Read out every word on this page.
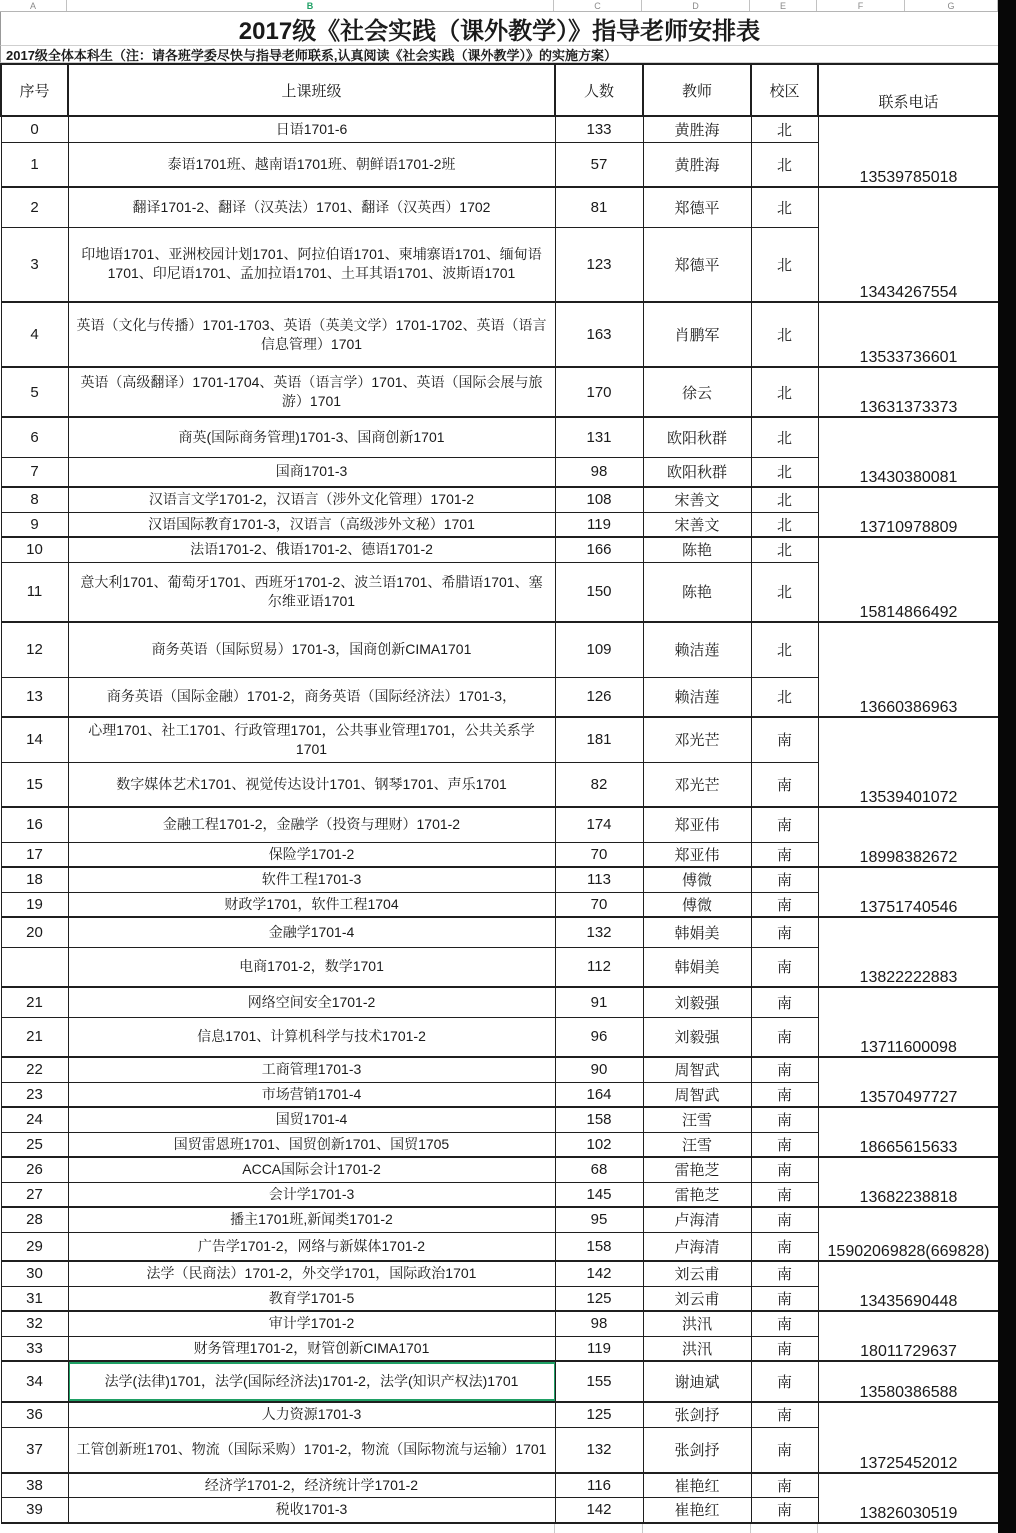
A	B	C	D	E	F	G
2017级《社会实践（课外教学）》指导老师安排表
2017级全体本科生（注：请各班学委尽快与指导老师联系,认真阅读《社会实践（课外教学）》的实施方案）
序号	上课班级	人数	教师	校区	联系电话
0	日语1701-6	133	黄胜海	北	13539785018
1	泰语1701班、越南语1701班、朝鲜语1701-2班	57	黄胜海	北	
2	翻译1701-2、翻译（汉英法）1701、翻译（汉英西）1702	81	郑德平	北	13434267554
3	印地语1701、亚洲校园计划1701、阿拉伯语1701、柬埔寨语1701、缅甸语1701、印尼语1701、孟加拉语1701、土耳其语1701、波斯语1701	123	郑德平	北	
4	英语（文化与传播）1701-1703、英语（英美文学）1701-1702、英语（语言信息管理）1701	163	肖鹏军	北	13533736601
5	英语（高级翻译）1701-1704、英语（语言学）1701、英语（国际会展与旅游）1701	170	徐云	北	13631373373
6	商英(国际商务管理)1701-3、国商创新1701	131	欧阳秋群	北	13430380081
7	国商1701-3	98	欧阳秋群	北	
8	汉语言文学1701-2，汉语言（涉外文化管理）1701-2	108	宋善文	北	13710978809
9	汉语国际教育1701-3，汉语言（高级涉外文秘）1701	119	宋善文	北	
10	法语1701-2、俄语1701-2、德语1701-2	166	陈艳	北	15814866492
11	意大利1701、葡萄牙1701、西班牙1701-2、波兰语1701、希腊语1701、塞尔维亚语1701	150	陈艳	北	
12	商务英语（国际贸易）1701-3，国商创新CIMA1701	109	赖洁莲	北	13660386963
13	商务英语（国际金融）1701-2，商务英语（国际经济法）1701-3，	126	赖洁莲	北	
14	心理1701、社工1701、行政管理1701，公共事业管理1701，公共关系学1701	181	邓光芒	南	13539401072
15	数字媒体艺术1701、视觉传达设计1701、钢琴1701、声乐1701	82	邓光芒	南	
16	金融工程1701-2，金融学（投资与理财）1701-2	174	郑亚伟	南	18998382672
17	保险学1701-2	70	郑亚伟	南	
18	软件工程1701-3	113	傅微	南	13751740546
19	财政学1701，软件工程1704	70	傅微	南	
20	金融学1701-4	132	韩娟美	南	13822222883
	电商1701-2，数学1701	112	韩娟美	南	
21	网络空间安全1701-2	91	刘毅强	南	13711600098
21	信息1701、计算机科学与技术1701-2	96	刘毅强	南	
22	工商管理1701-3	90	周智武	南	13570497727
23	市场营销1701-4	164	周智武	南	
24	国贸1701-4	158	汪雪	南	18665615633
25	国贸雷恩班1701、国贸创新1701、国贸1705	102	汪雪	南	
26	ACCA国际会计1701-2	68	雷艳芝	南	13682238818
27	会计学1701-3	145	雷艳芝	南	
28	播主1701班,新闻类1701-2	95	卢海清	南	15902069828(669828)
29	广告学1701-2，网络与新媒体1701-2	158	卢海清	南	
30	法学（民商法）1701-2，外交学1701，国际政治1701	142	刘云甫	南	13435690448
31	教育学1701-5	125	刘云甫	南	
32	审计学1701-2	98	洪汛	南	18011729637
33	财务管理1701-2，财管创新CIMA1701	119	洪汛	南	
34	法学(法律)1701，法学(国际经济法)1701-2，法学(知识产权法)1701	155	谢迪斌	南	13580386588
36	人力资源1701-3	125	张剑抒	南	13725452012
37	工管创新班1701、物流（国际采购）1701-2，物流（国际物流与运输）1701	132	张剑抒	南	
38	经济学1701-2，经济统计学1701-2	116	崔艳红	南	13826030519
39	税收1701-3	142	崔艳红	南	
